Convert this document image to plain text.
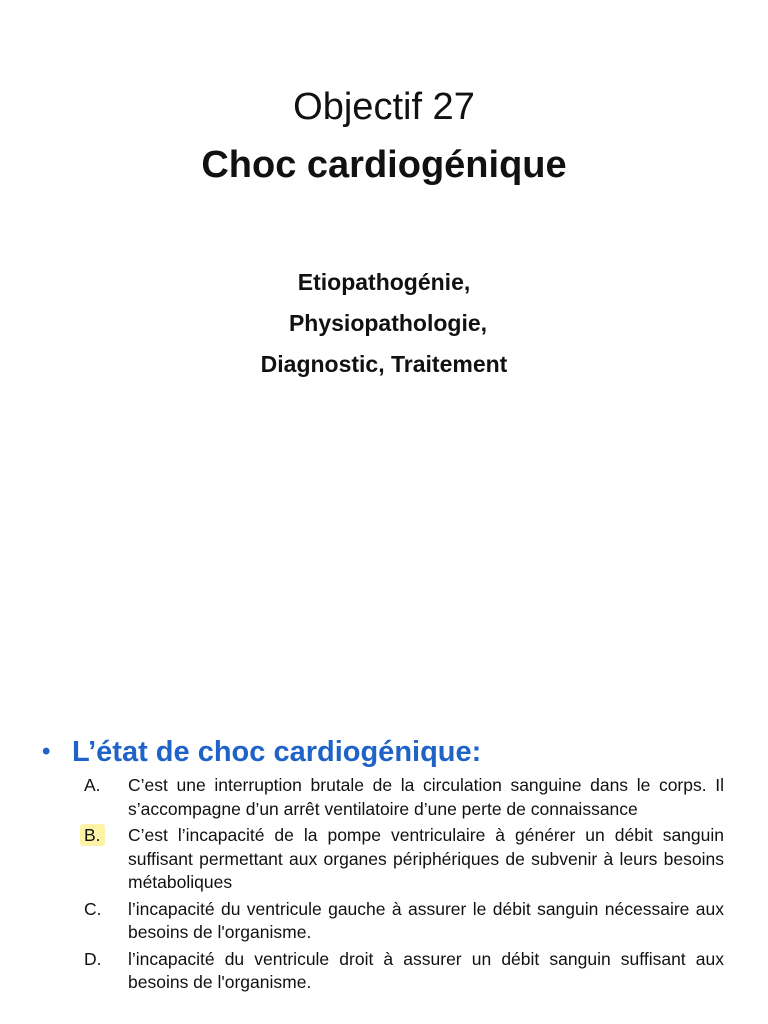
Objectif 27
Choc cardiogénique
Etiopathogénie,
Physiopathologie,
Diagnostic, Traitement
• L’état de choc cardiogénique:
A.	C’est une interruption brutale de la circulation sanguine dans le corps. Il s’accompagne d’un arrêt ventilatoire d’une perte de connaissance
B.	C’est l’incapacité de la pompe ventriculaire à générer un débit sanguin suffisant permettant aux organes périphériques de subvenir à leurs besoins métaboliques
C.	l’incapacité du ventricule gauche à assurer le débit sanguin nécessaire aux besoins de l'organisme.
D.	l’incapacité du ventricule droit à assurer un débit sanguin suffisant aux besoins de l'organisme.
